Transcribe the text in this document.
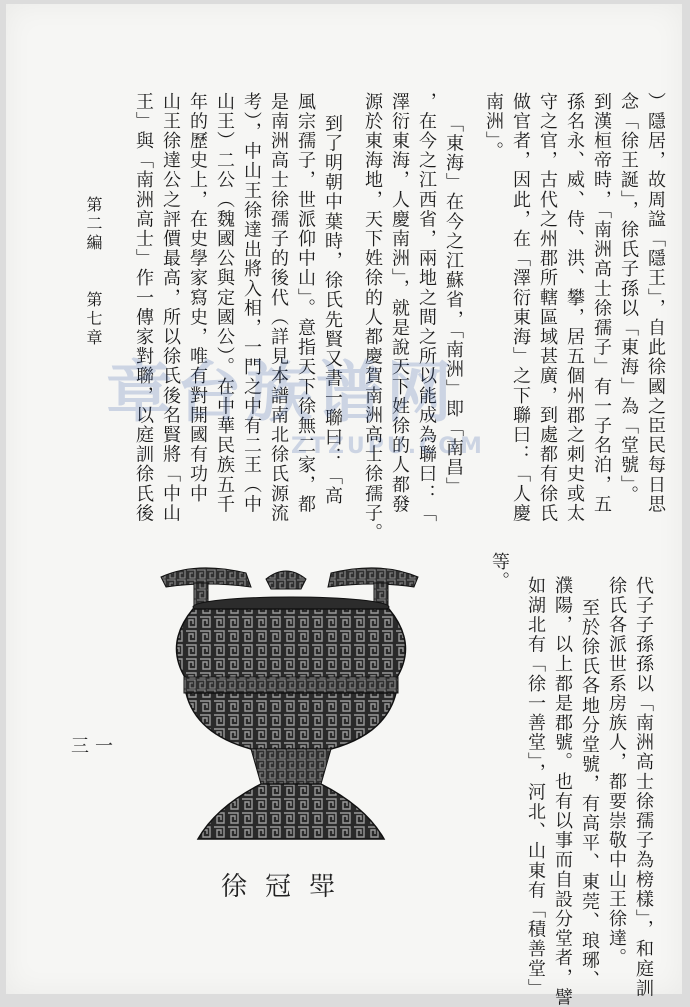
）隱居，故周諡「隱王」，自此徐國之臣民每日思
念「徐王誕」，徐氏子孫以「東海」為「堂號」。
到漢桓帝時，「南洲高士徐孺子」有一子名泊，五
孫名永、威、侍、洪、攀，居五個州郡之刺史或太
守之官，古代之州郡所轄區域甚廣，到處都有徐氏
做官者，因此，在「澤衍東海」之下聯曰：「人慶
南洲」。
「東海」在今之江蘇省，「南洲」即「南昌」
，在今之江西省，兩地之間之所以能成為聯曰：「
澤衍東海，人慶南洲」，就是說天下姓徐的人都發
源於東海地，天下姓徐的人都慶賀南洲高士徐孺子。
到了明朝中葉時，徐氏先賢又書一聯曰：「高
風宗孺子，世派仰中山」。意指天下徐無二家，都
是南洲高士徐孺子的後代（詳見本譜南北徐氏源流
考），中山王徐達出將入相，一門之中有二王（中
山王）二公（魏國公與定國公）。在中華民族五千
年的歷史上，在史學家寫史，唯有對開國有功中
山王徐達公之評價最高，所以徐氏後名賢將「中山
王」與「南洲高士」作一傳家對聯，以庭訓徐氏後
第二編　　第七章
代子子孫孫以「南洲高士徐孺子為榜樣」，和庭訓
徐氏各派世系房族人，都要崇敬中山王徐達。
至於徐氏各地分堂號，有高平、東莞、琅琊、
濮陽，以上都是郡號。也有以事而自設分堂者，譬
如湖北有「徐一善堂」，河北、山東有「積善堂」
等。
三一
徐冠斝
章台族谱网
ZTZUPU.COM
